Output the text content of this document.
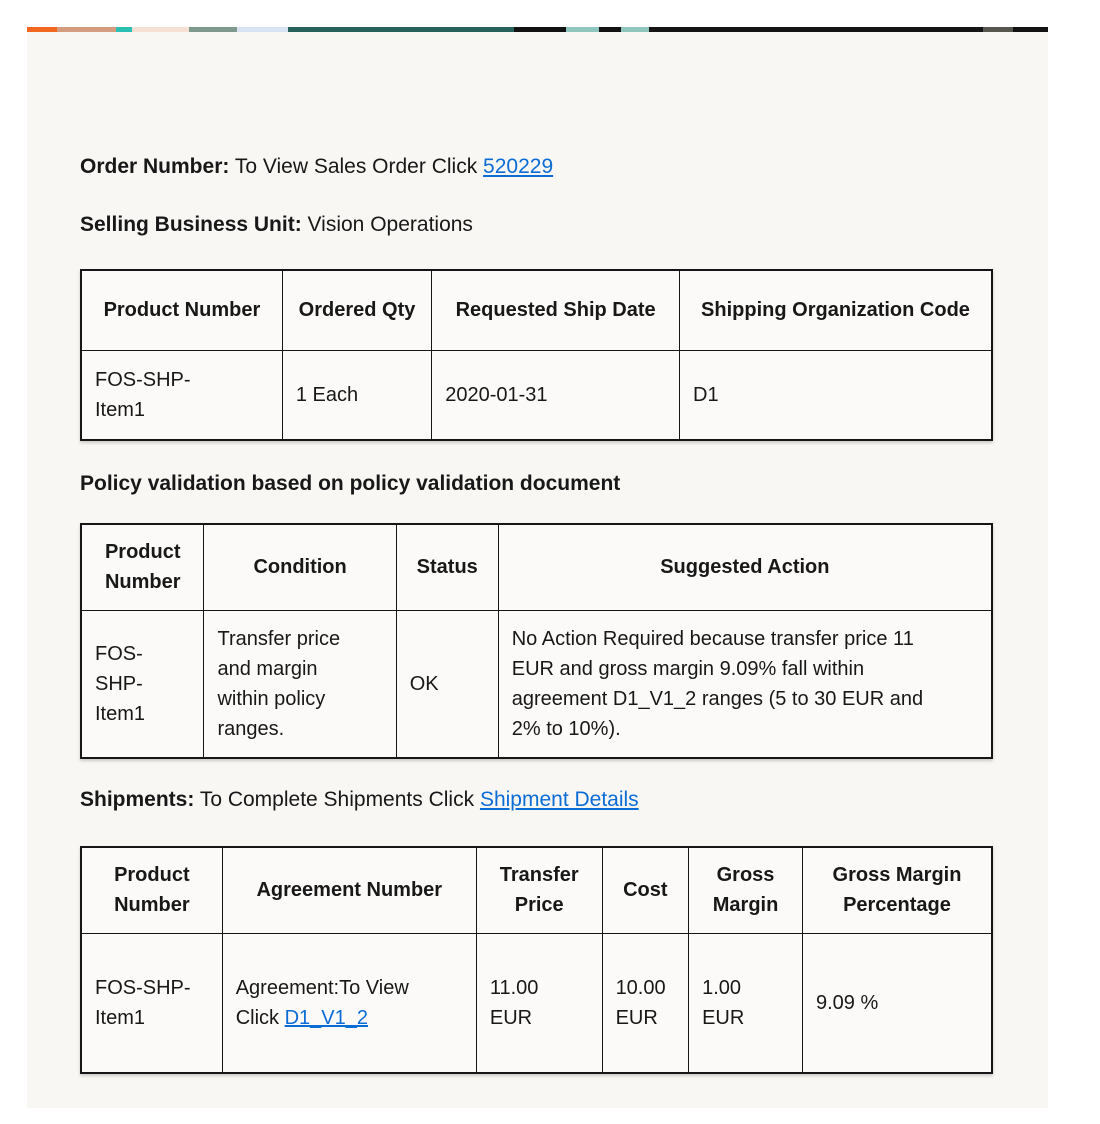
Order Number: To View Sales Order Click 520229

Selling Business Unit: Vision Operations

Product Number	Ordered Qty	Requested Ship Date	Shipping Organization Code
FOS-SHP-Item1	1 Each	2020-01-31	D1

Policy validation based on policy validation document

Product Number	Condition	Status	Suggested Action
FOS-SHP-Item1	Transfer price and margin within policy ranges.	OK	No Action Required because transfer price 11 EUR and gross margin 9.09% fall within agreement D1_V1_2 ranges (5 to 30 EUR and 2% to 10%).

Shipments: To Complete Shipments Click Shipment Details

Product Number	Agreement Number	Transfer Price	Cost	Gross Margin	Gross Margin Percentage
FOS-SHP-Item1	Agreement:To View Click D1_V1_2	11.00 EUR	10.00 EUR	1.00 EUR	9.09 %
